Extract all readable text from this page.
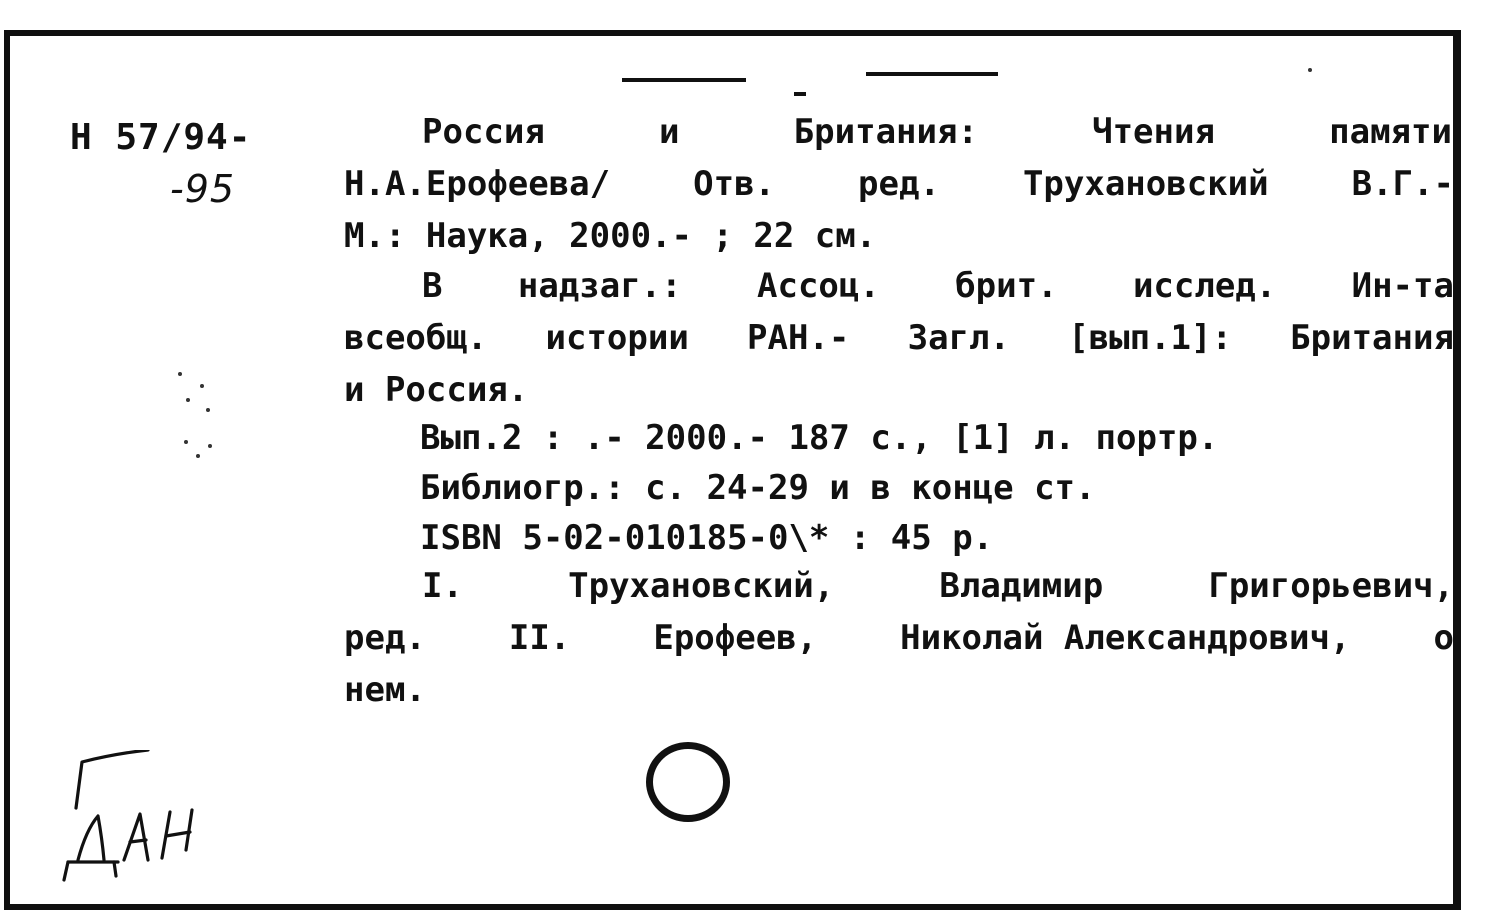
Н 57/94-
-95
Россия	и	Британия:	Чтения	памяти
Н.А.Ерофеева/ Отв. ред. Трухановский В.Г.-
М.: Наука, 2000.- ; 22 см.
В надзаг.: Ассоц. брит. исслед. Ин-та
всеобщ. истории РАН.- Загл. [вып.1]: Британия
и Россия.
Вып.2 : .- 2000.- 187 с., [1] л. портр.
Библиогр.: с. 24-29 и в конце ст.
ISBN 5-02-010185-0\* : 45 р.
I.	Трухановский,	Владимир	Григорьевич,
ред. II. Ерофеев, Николай Александрович, о
нем.
